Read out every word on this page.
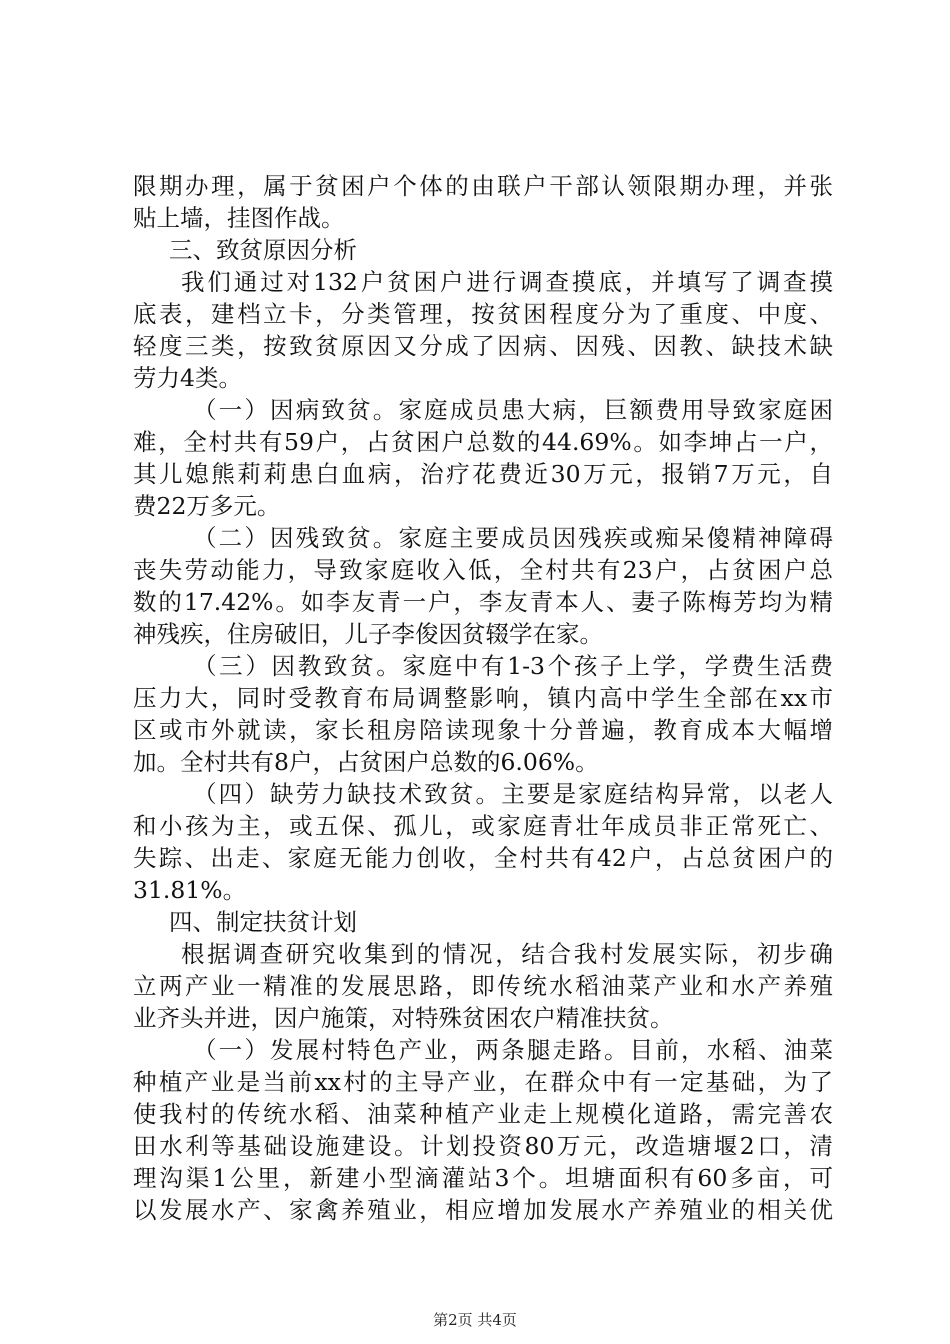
限期办理，属于贫困户个体的由联户干部认领限期办理，并张
贴上墙，挂图作战。
三、致贫原因分析
我们通过对132户贫困户进行调查摸底，并填写了调查摸
底表，建档立卡，分类管理，按贫困程度分为了重度、中度、
轻度三类，按致贫原因又分成了因病、因残、因教、缺技术缺
劳力4类。
（一）因病致贫。家庭成员患大病，巨额费用导致家庭困
难，全村共有59户，占贫困户总数的44.69%。如李坤占一户，
其儿媳熊莉莉患白血病，治疗花费近30万元，报销7万元，自
费22万多元。
（二）因残致贫。家庭主要成员因残疾或痴呆傻精神障碍
丧失劳动能力，导致家庭收入低，全村共有23户，占贫困户总
数的17.42%。如李友青一户，李友青本人、妻子陈梅芳均为精
神残疾，住房破旧，儿子李俊因贫辍学在家。
（三）因教致贫。家庭中有1-3个孩子上学，学费生活费
压力大，同时受教育布局调整影响，镇内高中学生全部在xx市
区或市外就读，家长租房陪读现象十分普遍，教育成本大幅增
加。全村共有8户，占贫困户总数的6.06%。
（四）缺劳力缺技术致贫。主要是家庭结构异常，以老人
和小孩为主，或五保、孤儿，或家庭青壮年成员非正常死亡、
失踪、出走、家庭无能力创收，全村共有42户，占总贫困户的
31.81%。
四、制定扶贫计划
根据调查研究收集到的情况，结合我村发展实际，初步确
立两产业一精准的发展思路，即传统水稻油菜产业和水产养殖
业齐头并进，因户施策，对特殊贫困农户精准扶贫。
（一）发展村特色产业，两条腿走路。目前，水稻、油菜
种植产业是当前xx村的主导产业，在群众中有一定基础，为了
使我村的传统水稻、油菜种植产业走上规模化道路，需完善农
田水利等基础设施建设。计划投资80万元，改造塘堰2口，清
理沟渠1公里，新建小型滴灌站3个。坦塘面积有60多亩，可
以发展水产、家禽养殖业，相应增加发展水产养殖业的相关优
第2页 共4页
